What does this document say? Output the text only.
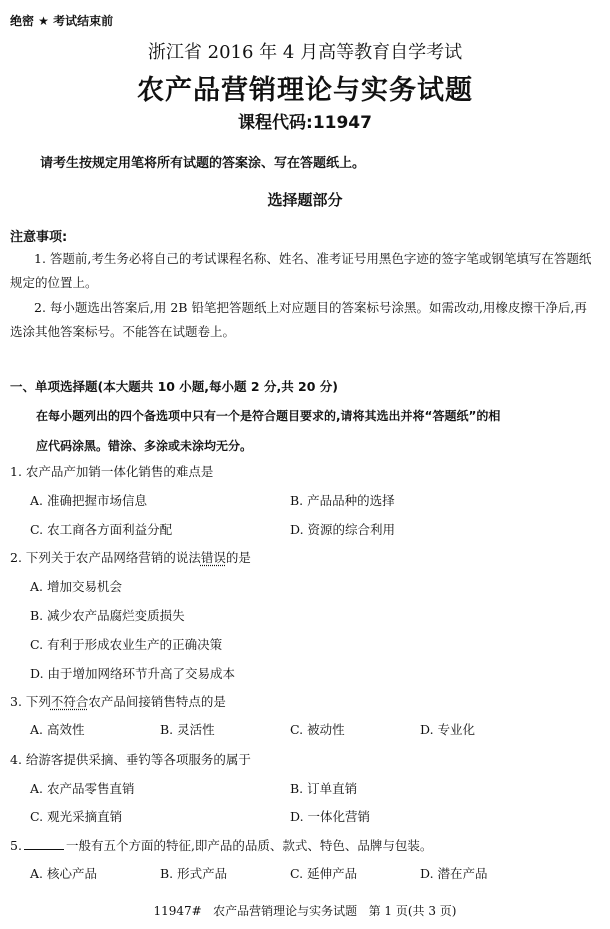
绝密 ★ 考试结束前
浙江省 2016 年 4 月高等教育自学考试
农产品营销理论与实务试题
课程代码:11947
请考生按规定用笔将所有试题的答案涂、写在答题纸上。
选择题部分
注意事项:
1. 答题前,考生务必将自己的考试课程名称、姓名、准考证号用黑色字迹的签字笔或钢笔填写在答题纸规定的位置上。
2. 每小题选出答案后,用 2B 铅笔把答题纸上对应题目的答案标号涂黑。如需改动,用橡皮擦干净后,再选涂其他答案标号。不能答在试题卷上。
一、单项选择题(本大题共 10 小题,每小题 2 分,共 20 分)
在每小题列出的四个备选项中只有一个是符合题目要求的,请将其选出并将“答题纸”的相
应代码涂黑。错涂、多涂或未涂均无分。
1. 农产品产加销一体化销售的难点是
A. 准确把握市场信息	B. 产品品种的选择
C. 农工商各方面利益分配	D. 资源的综合利用
2. 下列关于农产品网络营销的说法错误的是
A. 增加交易机会
B. 减少农产品腐烂变质损失
C. 有利于形成农业生产的正确决策
D. 由于增加网络环节升高了交易成本
3. 下列不符合农产品间接销售特点的是
A. 高效性	B. 灵活性	C. 被动性	D. 专业化
4. 给游客提供采摘、垂钓等各项服务的属于
A. 农产品零售直销	B. 订单直销
C. 观光采摘直销	D. 一体化营销
5.	一般有五个方面的特征,即产品的品质、款式、特色、品牌与包装。
A. 核心产品	B. 形式产品	C. 延伸产品	D. 潜在产品
11947#   农产品营销理论与实务试题   第 1 页(共 3 页)
